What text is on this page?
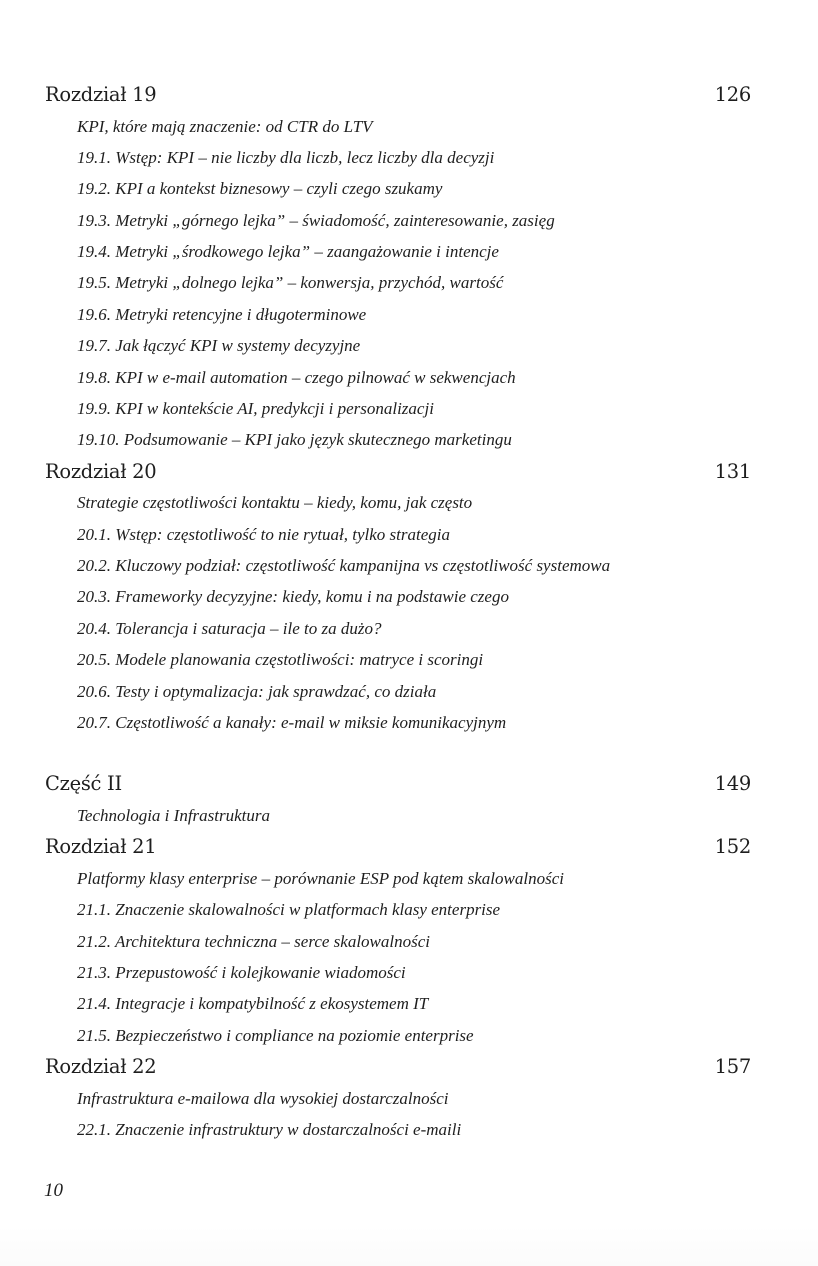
Rozdział 19	126
KPI, które mają znaczenie: od CTR do LTV
19.1. Wstęp: KPI – nie liczby dla liczb, lecz liczby dla decyzji
19.2. KPI a kontekst biznesowy – czyli czego szukamy
19.3. Metryki „górnego lejka” – świadomość, zainteresowanie, zasięg
19.4. Metryki „środkowego lejka” – zaangażowanie i intencje
19.5. Metryki „dolnego lejka” – konwersja, przychód, wartość
19.6. Metryki retencyjne i długoterminowe
19.7. Jak łączyć KPI w systemy decyzyjne
19.8. KPI w e-mail automation – czego pilnować w sekwencjach
19.9. KPI w kontekście AI, predykcji i personalizacji
19.10. Podsumowanie – KPI jako język skutecznego marketingu
Rozdział 20	131
Strategie częstotliwości kontaktu – kiedy, komu, jak często
20.1. Wstęp: częstotliwość to nie rytuał, tylko strategia
20.2. Kluczowy podział: częstotliwość kampanijna vs częstotliwość systemowa
20.3. Frameworky decyzyjne: kiedy, komu i na podstawie czego
20.4. Tolerancja i saturacja – ile to za dużo?
20.5. Modele planowania częstotliwości: matryce i scoringi
20.6. Testy i optymalizacja: jak sprawdzać, co działa
20.7. Częstotliwość a kanały: e-mail w miksie komunikacyjnym
Część II	149
Technologia i Infrastruktura
Rozdział 21	152
Platformy klasy enterprise – porównanie ESP pod kątem skalowalności
21.1. Znaczenie skalowalności w platformach klasy enterprise
21.2. Architektura techniczna – serce skalowalności
21.3. Przepustowość i kolejkowanie wiadomości
21.4. Integracje i kompatybilność z ekosystemem IT
21.5. Bezpieczeństwo i compliance na poziomie enterprise
Rozdział 22	157
Infrastruktura e-mailowa dla wysokiej dostarczalności
22.1. Znaczenie infrastruktury w dostarczalności e-maili
10
